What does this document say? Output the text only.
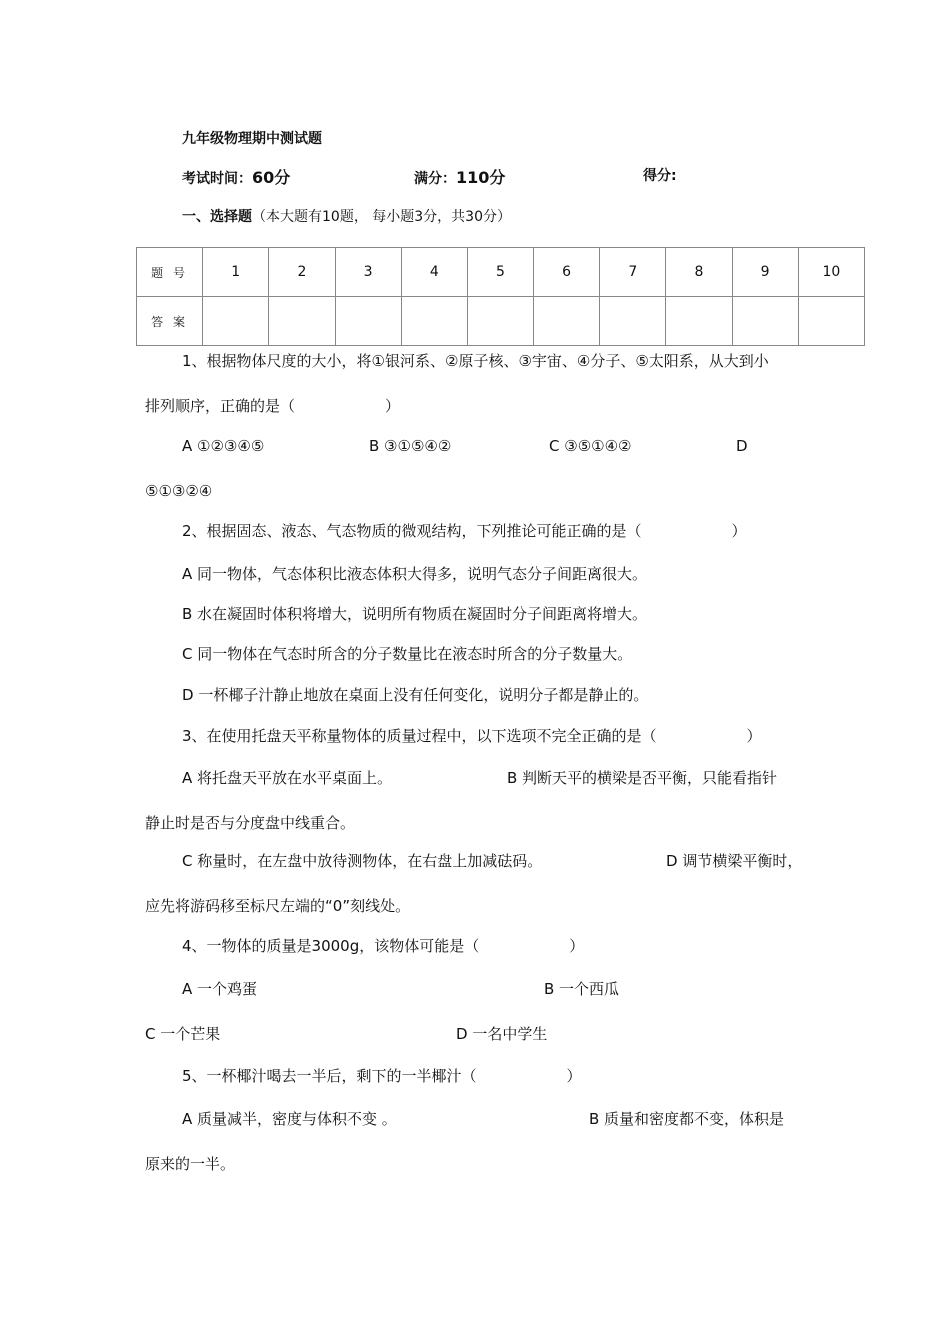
九年级物理期中测试题
考试时间：60分	满分：110分	得分:
一、选择题（本大题有10题， 每小题3分，共30分）
题 号	1	2	3	4	5	6	7	8	9	10
答 案										
1、根据物体尺度的大小，将①银河系、②原子核、③宇宙、④分子、⑤太阳系，从大到小
排列顺序，正确的是（　　　　　　）
A ①②③④⑤	B ③①⑤④②	C ③⑤①④②	D
⑤①③②④
2、根据固态、液态、气态物质的微观结构，下列推论可能正确的是（　　　　　　）
A 同一物体，气态体积比液态体积大得多，说明气态分子间距离很大。
B 水在凝固时体积将增大，说明所有物质在凝固时分子间距离将增大。
C 同一物体在气态时所含的分子数量比在液态时所含的分子数量大。
D 一杯椰子汁静止地放在桌面上没有任何变化，说明分子都是静止的。
3、在使用托盘天平称量物体的质量过程中，以下选项不完全正确的是（　　　　　　）
A 将托盘天平放在水平桌面上。	B 判断天平的横梁是否平衡，只能看指针
静止时是否与分度盘中线重合。
C 称量时，在左盘中放待测物体，在右盘上加减砝码。	D 调节横梁平衡时，
应先将游码移至标尺左端的“0”刻线处。
4、一物体的质量是3000g，该物体可能是（　　　　　　）
A 一个鸡蛋	B 一个西瓜
C 一个芒果	D 一名中学生
5、一杯椰汁喝去一半后，剩下的一半椰汁（　　　　　　）
A 质量减半，密度与体积不变 。	B 质量和密度都不变，体积是
原来的一半。
